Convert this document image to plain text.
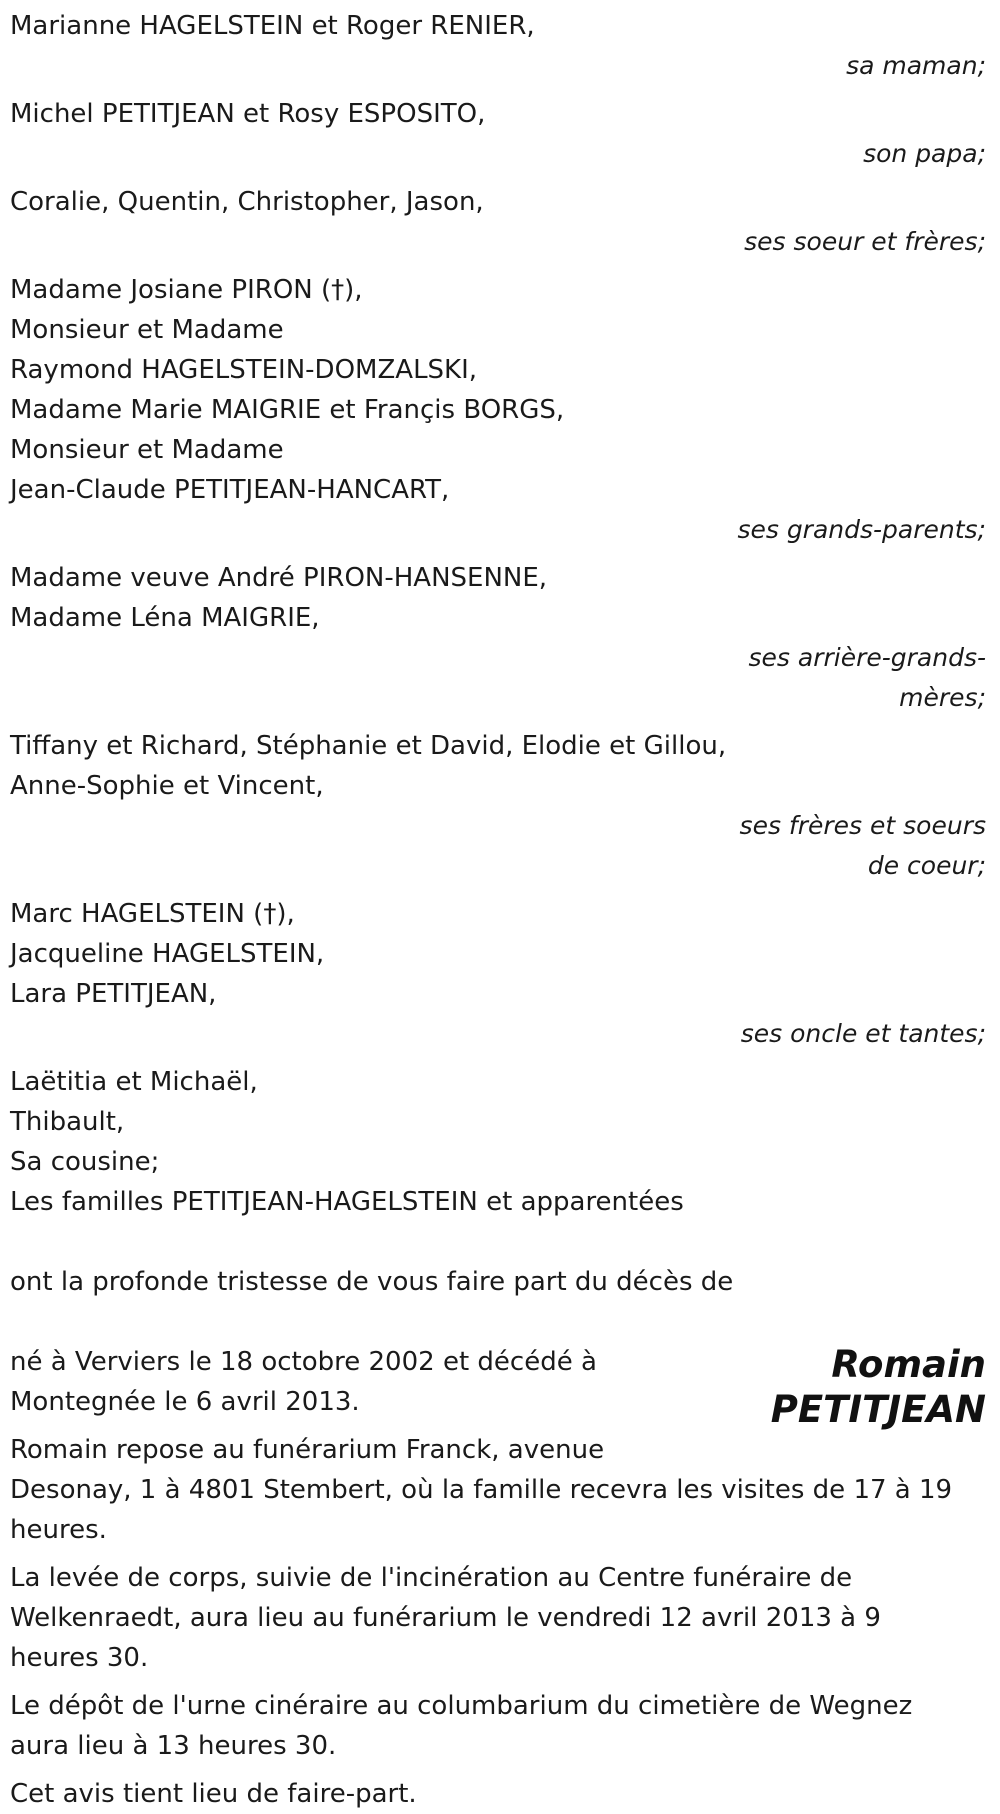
Marianne HAGELSTEIN et Roger RENIER,
sa maman;
Michel PETITJEAN et Rosy ESPOSITO,
son papa;
Coralie, Quentin, Christopher, Jason,
ses soeur et frères;
Madame Josiane PIRON (†),
Monsieur et Madame
Raymond HAGELSTEIN-DOMZALSKI,
Madame Marie MAIGRIE et Françis BORGS,
Monsieur et Madame
Jean-Claude PETITJEAN-HANCART,
ses grands-parents;
Madame veuve André PIRON-HANSENNE,
Madame Léna MAIGRIE,
ses arrière-grands-
mères;
Tiffany et Richard, Stéphanie et David, Elodie et Gillou,
Anne-Sophie et Vincent,
ses frères et soeurs
de coeur;
Marc HAGELSTEIN (†),
Jacqueline HAGELSTEIN,
Lara PETITJEAN,
ses oncle et tantes;
Laëtitia et Michaël,
Thibault,
Sa cousine;
Les familles PETITJEAN-HAGELSTEIN et apparentées
ont la profonde tristesse de vous faire part du décès de
Romain
PETITJEAN
né à Verviers le 18 octobre 2002 et décédé à
Montegnée le 6 avril 2013.
Romain repose au funérarium Franck, avenue
Desonay, 1 à 4801 Stembert, où la famille recevra les visites de 17 à 19 heures.
La levée de corps, suivie de l'incinération au Centre funéraire de Welkenraedt, aura lieu au funérarium le vendredi 12 avril 2013 à 9 heures 30.
Le dépôt de l'urne cinéraire au columbarium du cimetière de Wegnez aura lieu à 13 heures 30.
Cet avis tient lieu de faire-part.
